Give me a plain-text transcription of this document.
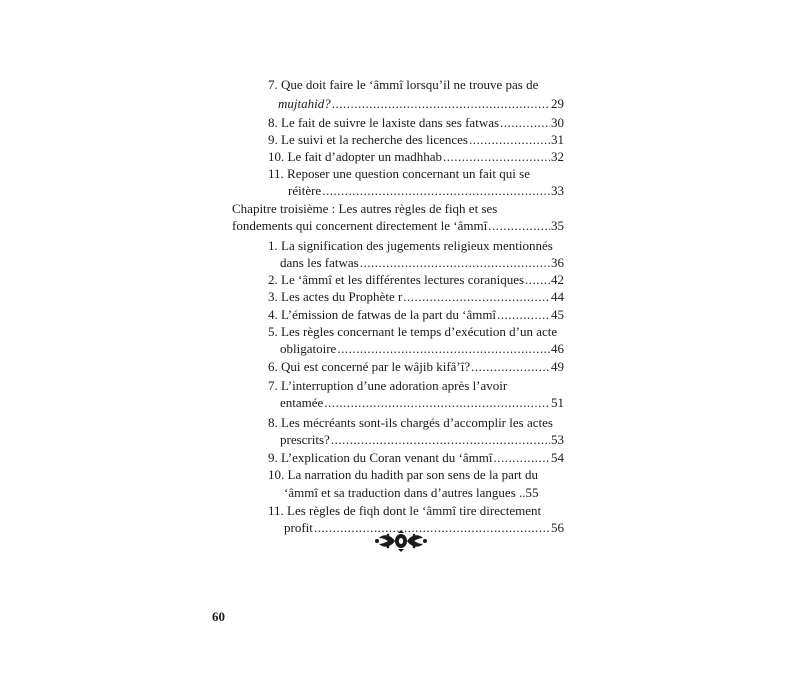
7. Que doit faire le ‘âmmî lorsqu’il ne trouve pas de
mujtahid? .....	29
8. Le fait de suivre le laxiste dans ses fatwas .....	30
9. Le suivi et la recherche des licences .....	31
10. Le fait d’adopter un madhhab .....	32
11. Reposer une question concernant un fait qui se
réitère .....	33
Chapitre troisième : Les autres règles de fiqh et ses
fondements qui concernent directement le ‘âmmî .....	35
1. La signification des jugements religieux mentionnés
dans les fatwas .....	36
2. Le ‘âmmî et les différentes lectures coraniques ..... 42
3. Les actes du Prophète r .....	44
4. L’émission de fatwas de la part du ‘âmmî .....	45
5. Les règles concernant le temps d’exécution d’un acte
obligatoire .....	46
6. Qui est concerné par le wâjib kifâ’î? .....	49
7. L’interruption d’une adoration après l’avoir
entamée .....	51
8. Les mécréants sont-ils chargés d’accomplir les actes
prescrits? .....	53
9. L’explication du Coran venant du ‘âmmî .....	54
10. La narration du hadith par son sens de la part du
‘âmmî et sa traduction dans d’autres langues .. 55
11. Les règles de fiqh dont le ‘âmmî tire directement
profit .....	56
60
